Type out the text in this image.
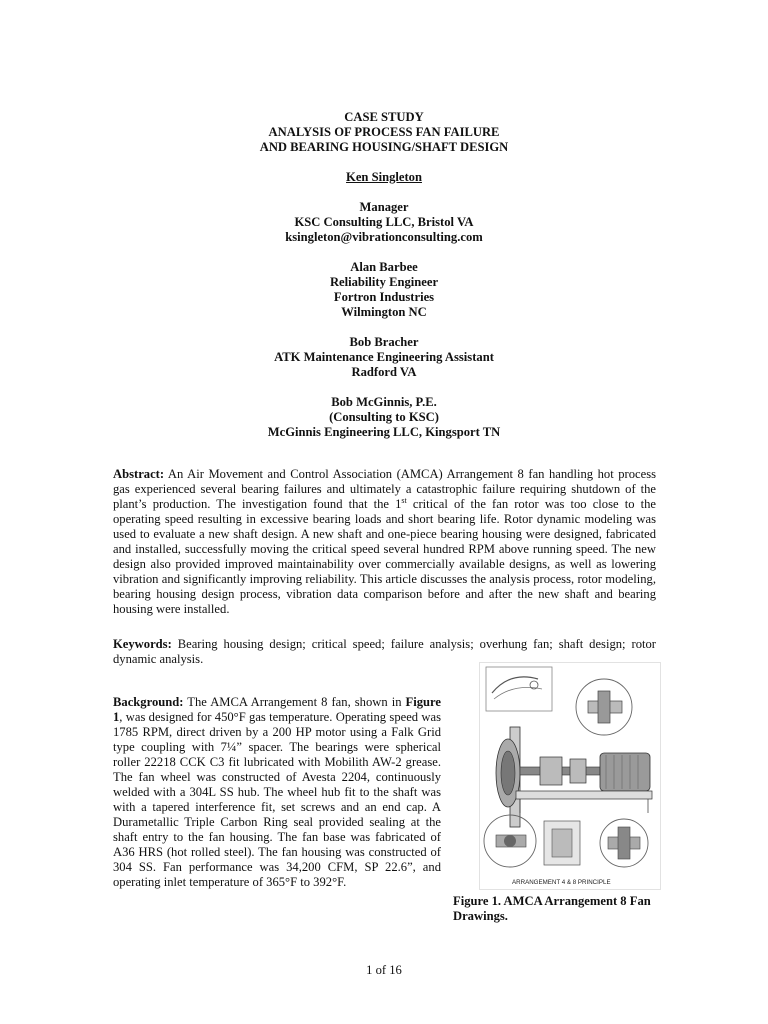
CASE STUDY
ANALYSIS OF PROCESS FAN FAILURE
AND BEARING HOUSING/SHAFT DESIGN
Ken Singleton
Manager
KSC Consulting LLC, Bristol VA
ksingleton@vibrationconsulting.com
Alan Barbee
Reliability Engineer
Fortron Industries
Wilmington NC
Bob Bracher
ATK Maintenance Engineering Assistant
Radford VA
Bob McGinnis, P.E.
(Consulting to KSC)
McGinnis Engineering LLC, Kingsport TN
Abstract: An Air Movement and Control Association (AMCA) Arrangement 8 fan handling hot process gas experienced several bearing failures and ultimately a catastrophic failure requiring shutdown of the plant’s production. The investigation found that the 1st critical of the fan rotor was too close to the operating speed resulting in excessive bearing loads and short bearing life. Rotor dynamic modeling was used to evaluate a new shaft design. A new shaft and one-piece bearing housing were designed, fabricated and installed, successfully moving the critical speed several hundred RPM above running speed. The new design also provided improved maintainability over commercially available designs, as well as lowering vibration and significantly improving reliability. This article discusses the analysis process, rotor modeling, bearing housing design process, vibration data comparison before and after the new shaft and bearing housing were installed.
Keywords: Bearing housing design; critical speed; failure analysis; overhung fan; shaft design; rotor dynamic analysis.
Background: The AMCA Arrangement 8 fan, shown in Figure 1, was designed for 450°F gas temperature. Operating speed was 1785 RPM, direct driven by a 200 HP motor using a Falk Grid type coupling with 7¼” spacer. The bearings were spherical roller 22218 CCK C3 fit lubricated with Mobilith AW-2 grease. The fan wheel was constructed of Avesta 2204, continuously welded with a 304L SS hub. The wheel hub fit to the shaft was with a tapered interference fit, set screws and an end cap. A Durametallic Triple Carbon Ring seal provided sealing at the shaft entry to the fan housing. The fan base was fabricated of A36 HRS (hot rolled steel). The fan housing was constructed of 304 SS. Fan performance was 34,200 CFM, SP 22.6”, and operating inlet temperature of 365°F to 392°F.	ARRANGEMENT 4 & 8 PRINCIPLE
Figure 1. AMCA Arrangement 8 Fan Drawings.
1 of 16
